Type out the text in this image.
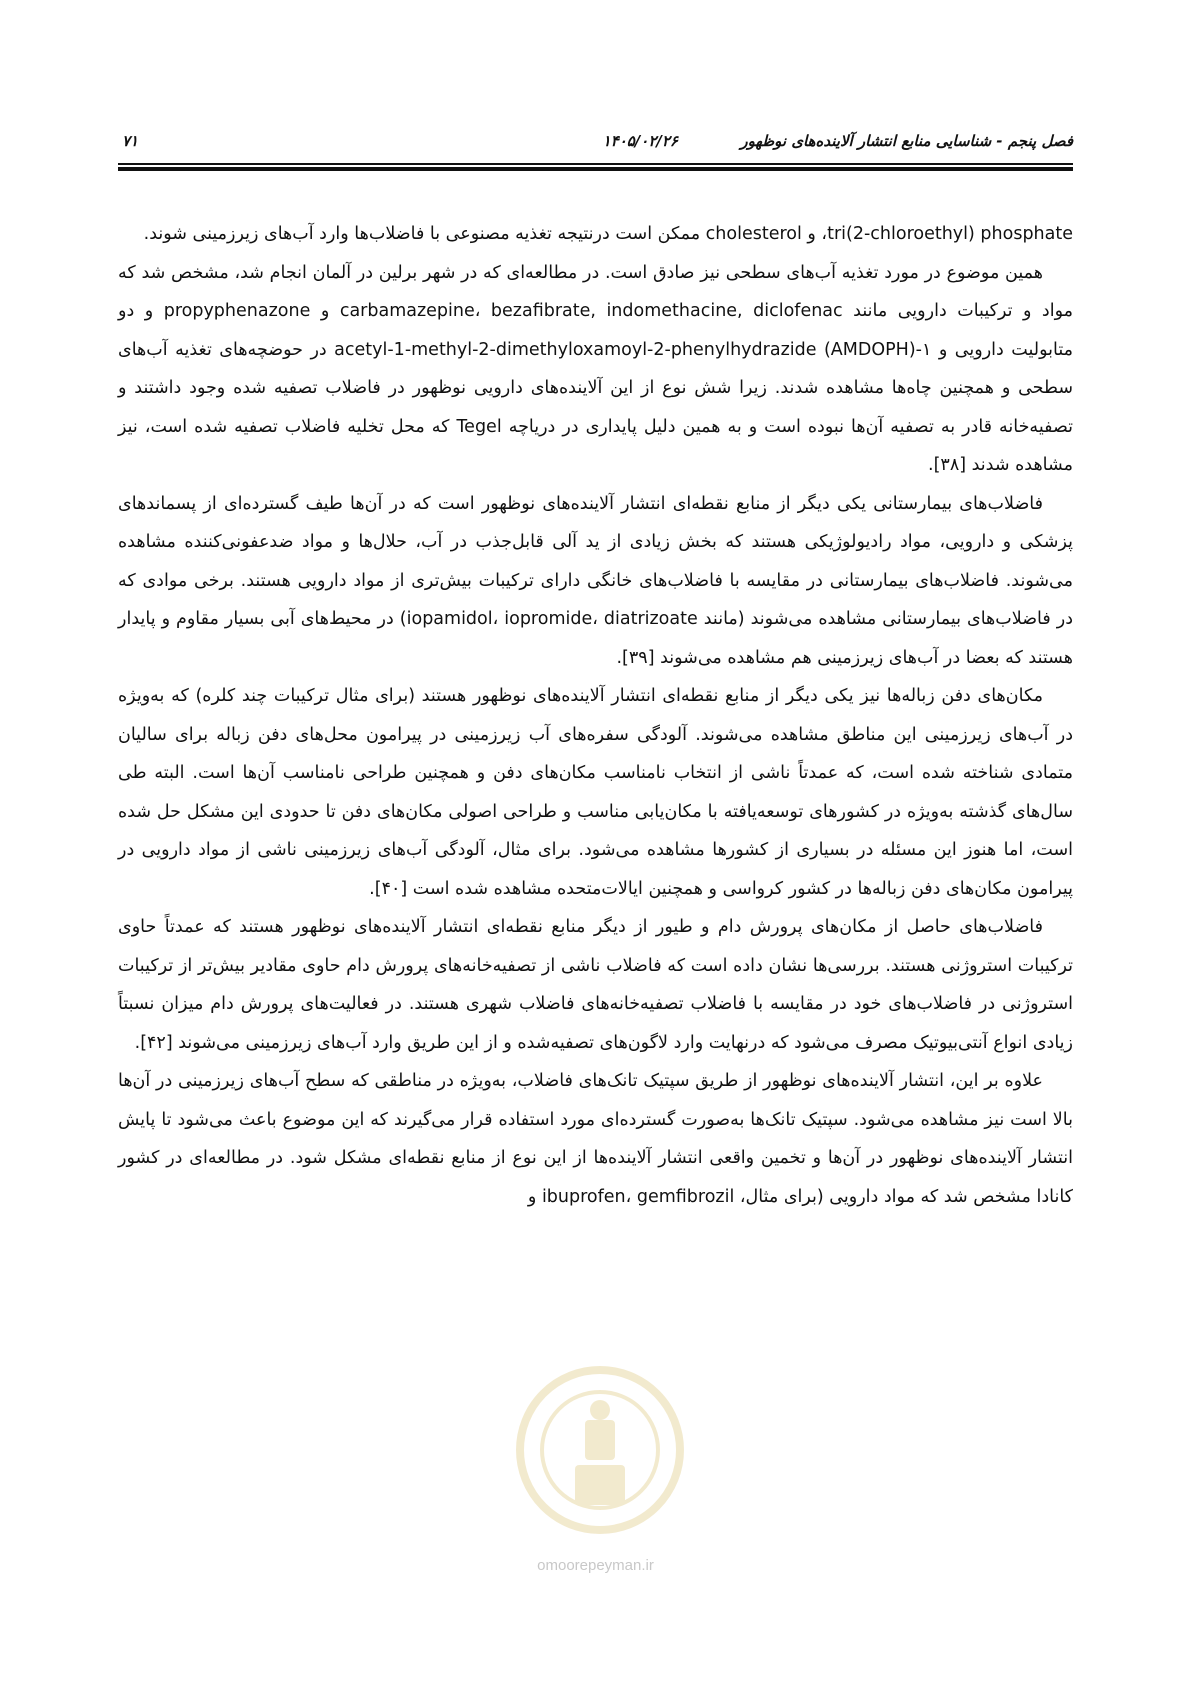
فصل پنجم - شناسایی منابع انتشار آلاینده‌های نوظهور
۱۴۰۵/۰۲/۲۶
۷۱

tri(2-chloroethyl) phosphate، و cholesterol ممکن است درنتیجه تغذیه مصنوعی با فاضلاب‌ها وارد آب‌های زیرزمینی شوند.

همین موضوع در مورد تغذیه آب‌های سطحی نیز صادق است. در مطالعه‌ای که در شهر برلین در آلمان انجام شد، مشخص شد که مواد و ترکیبات دارویی مانند carbamazepine، bezafibrate, indomethacine, diclofenac و propyphenazone و دو متابولیت دارویی و ۱-acetyl-1-methyl-2-dimethyloxamoyl-2-phenylhydrazide (AMDOPH) در حوضچه‌های تغذیه آب‌های سطحی و همچنین چاه‌ها مشاهده شدند. زیرا شش نوع از این آلاینده‌های دارویی نوظهور در فاضلاب تصفیه شده وجود داشتند و تصفیه‌خانه قادر به تصفیه آن‌ها نبوده است و به همین دلیل پایداری در دریاچه Tegel که محل تخلیه فاضلاب تصفیه شده است، نیز مشاهده شدند [۳۸].

فاضلاب‌های بیمارستانی یکی دیگر از منابع نقطه‌ای انتشار آلاینده‌های نوظهور است که در آن‌ها طیف گسترده‌ای از پسماندهای پزشکی و دارویی، مواد رادیولوژیکی هستند که بخش زیادی از ید آلی قابل‌جذب در آب، حلال‌ها و مواد ضدعفونی‌کننده مشاهده می‌شوند. فاضلاب‌های بیمارستانی در مقایسه با فاضلاب‌های خانگی دارای ترکیبات بیش‌تری از مواد دارویی هستند. برخی موادی که در فاضلاب‌های بیمارستانی مشاهده می‌شوند (مانند iopamidol، iopromide، diatrizoate) در محیط‌های آبی بسیار مقاوم و پایدار هستند که بعضا در آب‌های زیرزمینی هم مشاهده می‌شوند [۳۹].

مکان‌های دفن زباله‌ها نیز یکی دیگر از منابع نقطه‌ای انتشار آلاینده‌های نوظهور هستند (برای مثال ترکیبات چند کلره) که به‌ویژه در آب‌های زیرزمینی این مناطق مشاهده می‌شوند. آلودگی سفره‌های آب زیرزمینی در پیرامون محل‌های دفن زباله برای سالیان متمادی شناخته شده است، که عمدتاً ناشی از انتخاب نامناسب مکان‌های دفن و همچنین طراحی نامناسب آن‌ها است. البته طی سال‌های گذشته به‌ویژه در کشورهای توسعه‌یافته با مکان‌یابی مناسب و طراحی اصولی مکان‌های دفن تا حدودی این مشکل حل شده است، اما هنوز این مسئله در بسیاری از کشورها مشاهده می‌شود. برای مثال، آلودگی آب‌های زیرزمینی ناشی از مواد دارویی در پیرامون مکان‌های دفن زباله‌ها در کشور کرواسی و همچنین ایالات‌متحده مشاهده شده است [۴۰].

فاضلاب‌های حاصل از مکان‌های پرورش دام و طیور از دیگر منابع نقطه‌ای انتشار آلاینده‌های نوظهور هستند که عمدتاً حاوی ترکیبات استروژنی هستند. بررسی‌ها نشان داده است که فاضلاب ناشی از تصفیه‌خانه‌های پرورش دام حاوی مقادیر بیش‌تر از ترکیبات استروژنی در فاضلاب‌های خود در مقایسه با فاضلاب تصفیه‌خانه‌های فاضلاب شهری هستند. در فعالیت‌های پرورش دام میزان نسبتاً زیادی انواع آنتی‌بیوتیک مصرف می‌شود که درنهایت وارد لاگون‌های تصفیه‌شده و از این طریق وارد آب‌های زیرزمینی می‌شوند [۴۲].

علاوه بر این، انتشار آلاینده‌های نوظهور از طریق سپتیک تانک‌های فاضلاب، به‌ویژه در مناطقی که سطح آب‌های زیرزمینی در آن‌ها بالا است نیز مشاهده می‌شود. سپتیک تانک‌ها به‌صورت گسترده‌ای مورد استفاده قرار می‌گیرند که این موضوع باعث می‌شود تا پایش انتشار آلاینده‌های نوظهور در آن‌ها و تخمین واقعی انتشار آلاینده‌ها از این نوع از منابع نقطه‌ای مشکل شود. در مطالعه‌ای در کشور کانادا مشخص شد که مواد دارویی (برای مثال، ibuprofen، gemfibrozil و

omoorepeyman.ir
